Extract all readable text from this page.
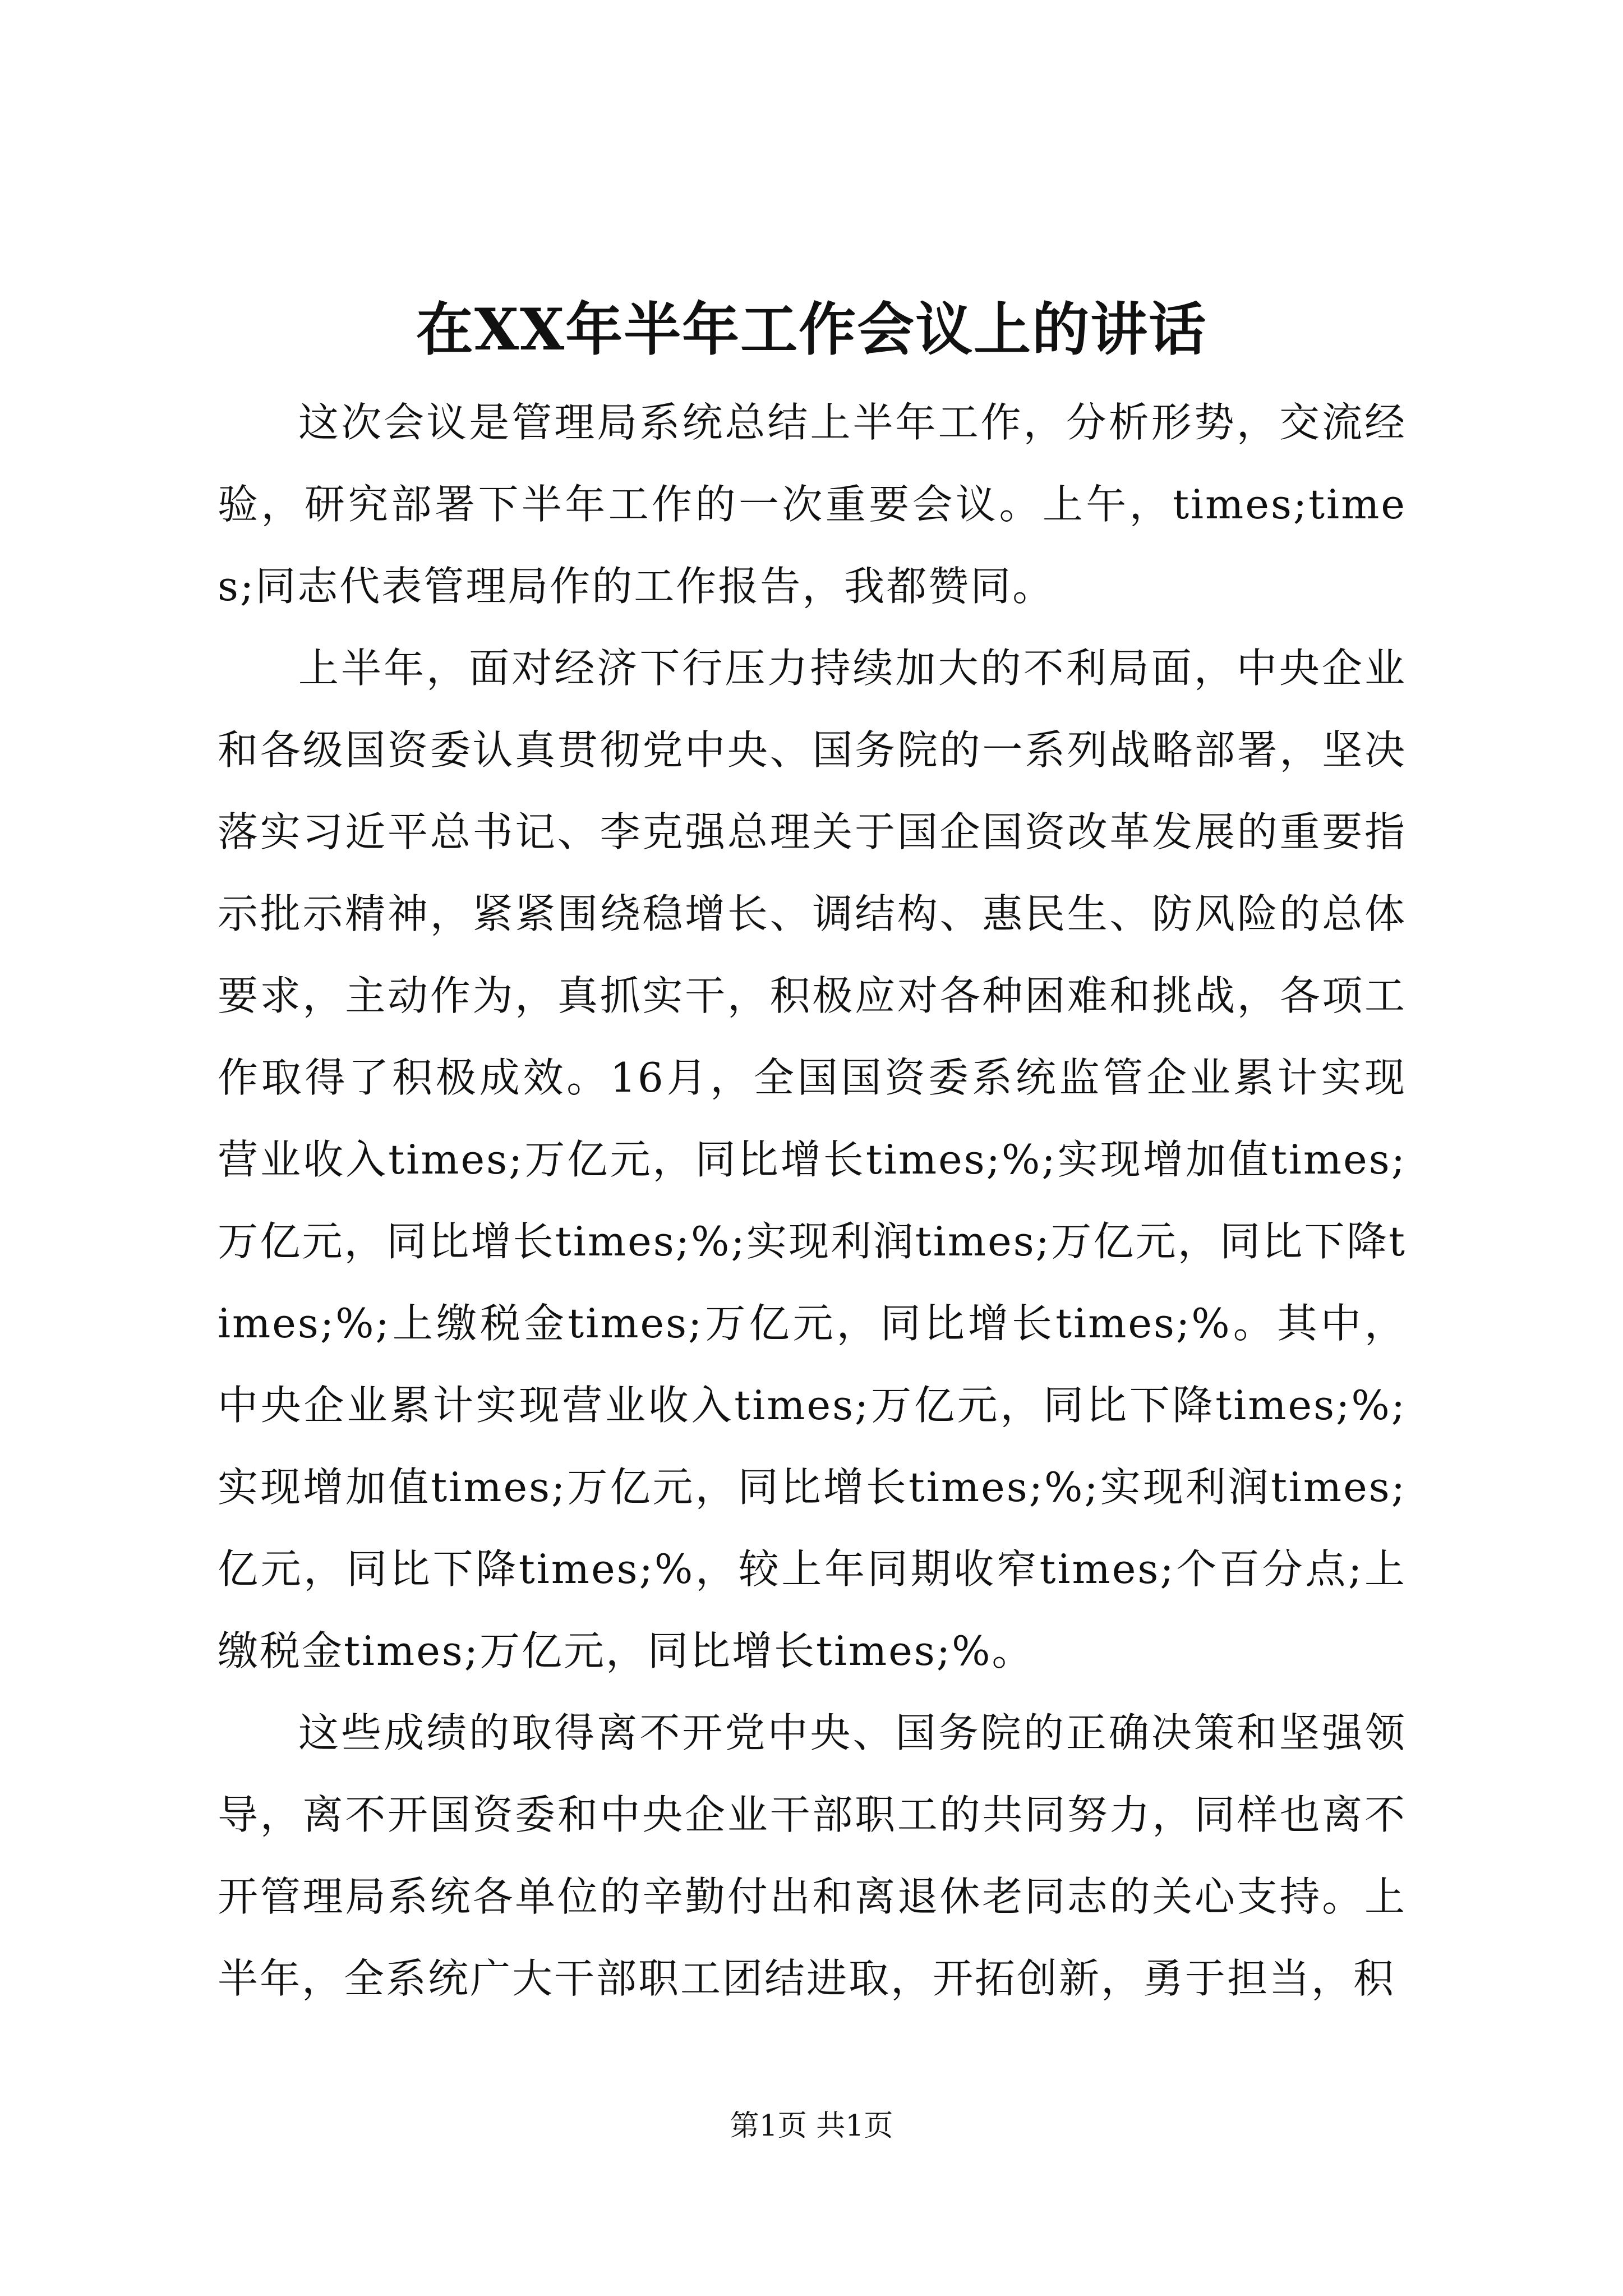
在XX年半年工作会议上的讲话

这次会议是管理局系统总结上半年工作，分析形势，交流经验，研究部署下半年工作的一次重要会议。上午，times;times;同志代表管理局作的工作报告，我都赞同。

上半年，面对经济下行压力持续加大的不利局面，中央企业和各级国资委认真贯彻党中央、国务院的一系列战略部署，坚决落实习近平总书记、李克强总理关于国企国资改革发展的重要指示批示精神，紧紧围绕稳增长、调结构、惠民生、防风险的总体要求，主动作为，真抓实干，积极应对各种困难和挑战，各项工作取得了积极成效。16月，全国国资委系统监管企业累计实现营业收入times;万亿元，同比增长times;%;实现增加值times;万亿元，同比增长times;%;实现利润times;万亿元，同比下降times;%;上缴税金times;万亿元，同比增长times;%。其中，中央企业累计实现营业收入times;万亿元，同比下降times;%;实现增加值times;万亿元，同比增长times;%;实现利润times;亿元，同比下降times;%，较上年同期收窄times;个百分点;上缴税金times;万亿元，同比增长times;%。

这些成绩的取得离不开党中央、国务院的正确决策和坚强领导，离不开国资委和中央企业干部职工的共同努力，同样也离不开管理局系统各单位的辛勤付出和离退休老同志的关心支持。上半年，全系统广大干部职工团结进取，开拓创新，勇于担当，积

第1页 共1页
